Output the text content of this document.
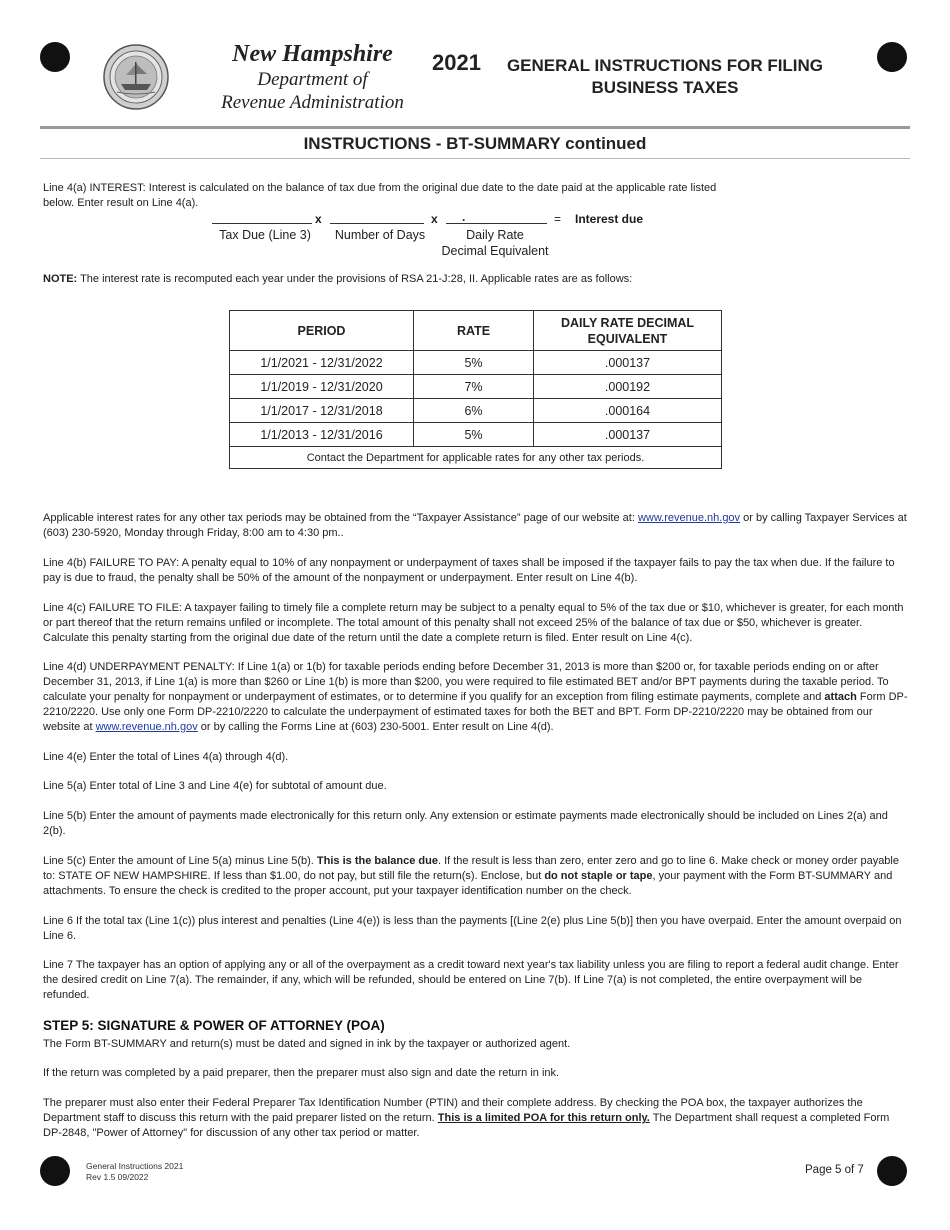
New Hampshire
Department of
Revenue Administration
2021	GENERAL INSTRUCTIONS FOR FILING
BUSINESS TAXES
INSTRUCTIONS - BT-SUMMARY continued
Line 4(a) INTEREST: Interest is calculated on the balance of tax due from the original due date to the date paid at the applicable rate listed below. Enter result on Line 4(a).
x	x .	= Interest due
Tax Due (Line 3)	Number of Days	Daily Rate
Decimal Equivalent
NOTE: The interest rate is recomputed each year under the provisions of RSA 21-J:28, II. Applicable rates are as follows:
PERIOD	RATE	DAILY RATE DECIMAL EQUIVALENT
1/1/2021 - 12/31/2022	5%	.000137
1/1/2019 - 12/31/2020	7%	.000192
1/1/2017 - 12/31/2018	6%	.000164
1/1/2013 - 12/31/2016	5%	.000137
Contact the Department for applicable rates for any other tax periods.		
Applicable interest rates for any other tax periods may be obtained from the “Taxpayer Assistance” page of our website at: www.revenue.nh.gov or by calling Taxpayer Services at (603) 230-5920, Monday through Friday, 8:00 am to 4:30 pm..
Line 4(b) FAILURE TO PAY: A penalty equal to 10% of any nonpayment or underpayment of taxes shall be imposed if the taxpayer fails to pay the tax when due. If the failure to pay is due to fraud, the penalty shall be 50% of the amount of the nonpayment or underpayment. Enter result on Line 4(b).
Line 4(c) FAILURE TO FILE: A taxpayer failing to timely file a complete return may be subject to a penalty equal to 5% of the tax due or $10, whichever is greater, for each month or part thereof that the return remains unfiled or incomplete. The total amount of this penalty shall not exceed 25% of the balance of tax due or $50, whichever is greater. Calculate this penalty starting from the original due date of the return until the date a complete return is filed. Enter result on Line 4(c).
Line 4(d) UNDERPAYMENT PENALTY: If Line 1(a) or 1(b) for taxable periods ending before December 31, 2013 is more than $200 or, for taxable periods ending on or after December 31, 2013, if Line 1(a) is more than $260 or Line 1(b) is more than $200, you were required to file estimated BET and/or BPT payments during the taxable period. To calculate your penalty for nonpayment or underpayment of estimates, or to determine if you qualify for an exception from filing estimate payments, complete and attach Form DP-2210/2220. Use only one Form DP-2210/2220 to calculate the underpayment of estimated taxes for both the BET and BPT. Form DP-2210/2220 may be obtained from our website at www.revenue.nh.gov or by calling the Forms Line at (603) 230-5001. Enter result on Line 4(d).
Line 4(e) Enter the total of Lines 4(a) through 4(d).
Line 5(a) Enter total of Line 3 and Line 4(e) for subtotal of amount due.
Line 5(b) Enter the amount of payments made electronically for this return only. Any extension or estimate payments made electronically should be included on Lines 2(a) and 2(b).
Line 5(c) Enter the amount of Line 5(a) minus Line 5(b). This is the balance due. If the result is less than zero, enter zero and go to line 6. Make check or money order payable to: STATE OF NEW HAMPSHIRE. If less than $1.00, do not pay, but still file the return(s). Enclose, but do not staple or tape, your payment with the Form BT-SUMMARY and attachments. To ensure the check is credited to the proper account, put your taxpayer identification number on the check.
Line 6 If the total tax (Line 1(c)) plus interest and penalties (Line 4(e)) is less than the payments [(Line 2(e) plus Line 5(b)] then you have overpaid. Enter the amount overpaid on Line 6.
Line 7 The taxpayer has an option of applying any or all of the overpayment as a credit toward next year's tax liability unless you are filing to report a federal audit change. Enter the desired credit on Line 7(a). The remainder, if any, which will be refunded, should be entered on Line 7(b). If Line 7(a) is not completed, the entire overpayment will be refunded.
STEP 5: SIGNATURE & POWER OF ATTORNEY (POA)
The Form BT-SUMMARY and return(s) must be dated and signed in ink by the taxpayer or authorized agent.
If the return was completed by a paid preparer, then the preparer must also sign and date the return in ink.
The preparer must also enter their Federal Preparer Tax Identification Number (PTIN) and their complete address. By checking the POA box, the taxpayer authorizes the Department staff to discuss this return with the paid preparer listed on the return. This is a limited POA for this return only. The Department shall request a completed Form DP-2848, "Power of Attorney" for discussion of any other tax period or matter.
General Instructions 2021
Rev 1.5 09/2022
Page 5 of 7
